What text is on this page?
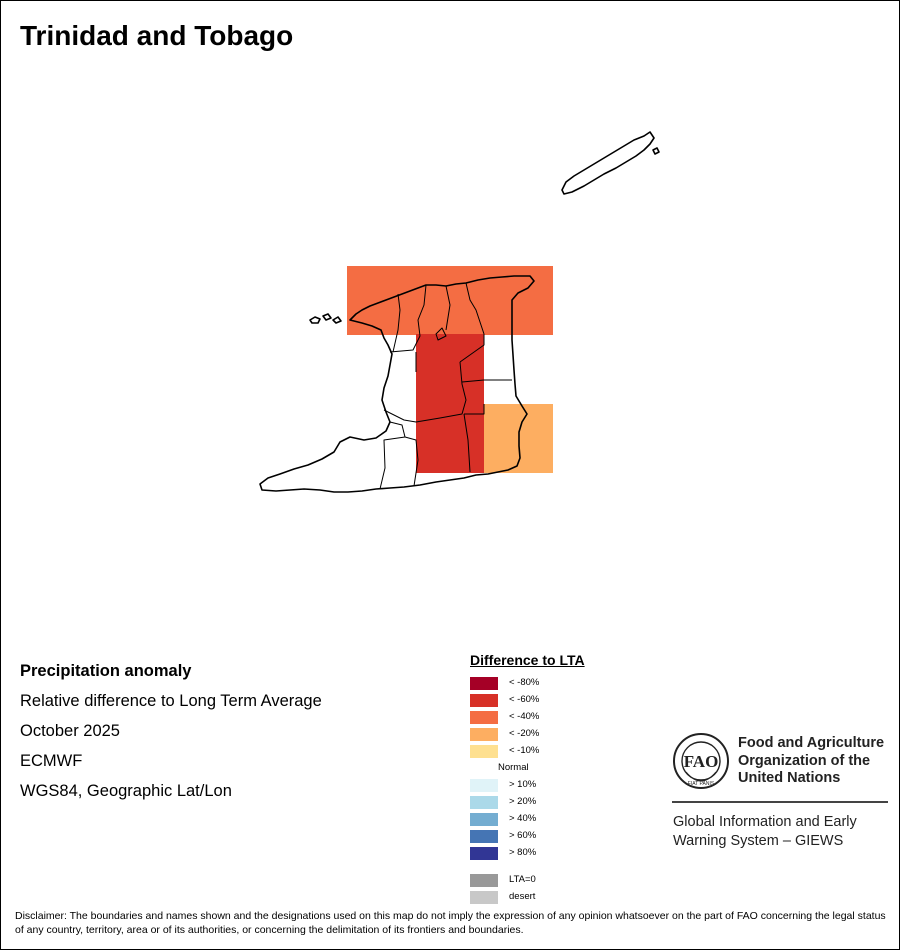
Trinidad and Tobago
Precipitation anomaly
Relative difference to Long Term Average
October 2025
ECMWF
WGS84, Geographic Lat/Lon
Difference to LTA
< -80%
< -60%
< -40%
< -20%
< -10%
Normal
> 10%
> 20%
> 40%
> 60%
> 80%
LTA=0
desert
FAO
FIAT PANIS
Food and Agriculture
Organization of the
United Nations
Global Information and Early
Warning System – GIEWS
Disclaimer: The boundaries and names shown and the designations used on this map do not imply the expression of any opinion whatsoever on the part of FAO concerning the legal status of any country, territory, area or of its authorities, or concerning the delimitation of its frontiers and boundaries.
